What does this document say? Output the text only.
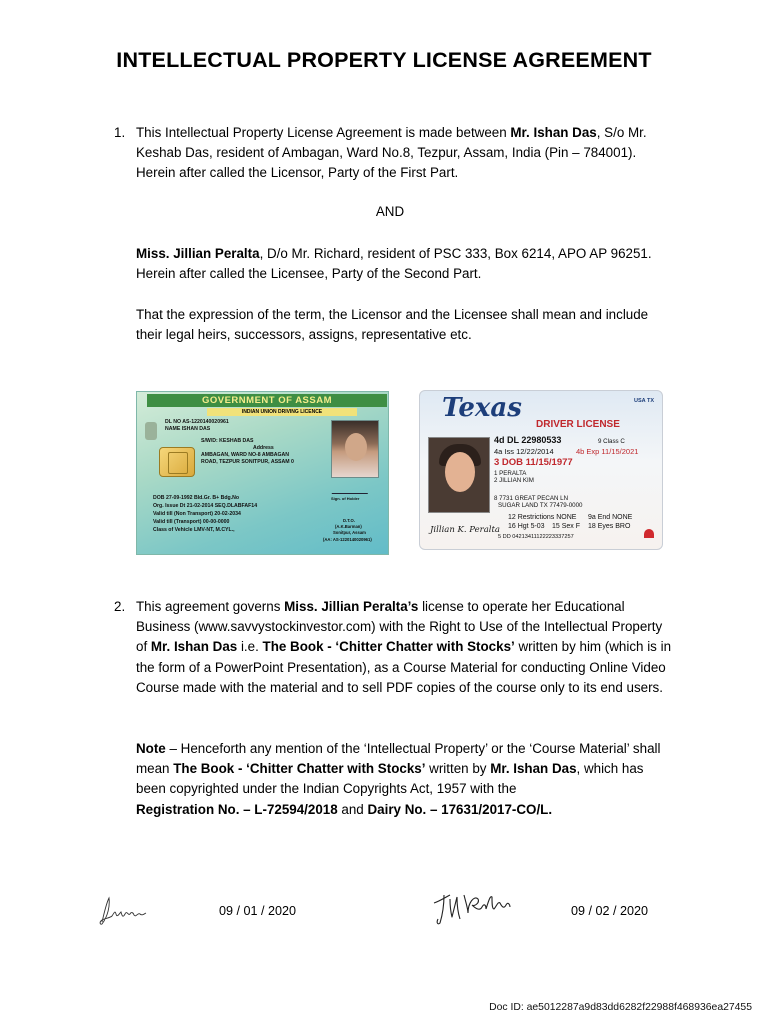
INTELLECTUAL PROPERTY LICENSE AGREEMENT
1. This Intellectual Property License Agreement is made between Mr. Ishan Das, S/o Mr. Keshab Das, resident of Ambagan, Ward No.8, Tezpur, Assam, India (Pin – 784001). Herein after called the Licensor, Party of the First Part.
AND
Miss. Jillian Peralta, D/o Mr. Richard, resident of PSC 333, Box 6214, APO AP 96251. Herein after called the Licensee, Party of the Second Part.
That the expression of the term, the Licensor and the Licensee shall mean and include their legal heirs, successors, assigns, representative etc.
GOVERNMENT OF ASSAM
INDIAN UNION DRIVING LICENCE
DL NO AS-1220140020961
NAME ISHAN DAS
S/W/D: KESHAB DAS
Address
AMBAGAN, WARD NO-8 AMBAGAN
ROAD, TEZPUR SONITPUR, ASSAM 0
Sign. of Holder
DOB 27-09-1992 Bld.Gr. B+ Bdg.No
Org. Issue Dt 21-02-2014 SEQ.DLABFAF14
Valid till (Non Transport) 20-02-2034
Valid till (Transport) 00-00-0000
Class of Vehicle LMV-NT, M.CYL.,
D.T.O.
(A.K.Barman)
Sonitpur, Assam
(AA: AS-1220140020961)
Texas	USA TX
DRIVER LICENSE
4d DL 22980533	9 Class C
4a Iss 12/22/2014	4b Exp 11/15/2021
3 DOB 11/15/1977
1 PERALTA
2 JILLIAN KIM
8 7731 GREAT PECAN LN
SUGAR LAND TX 77479-0000
12 Restrictions NONE 9a End NONE
16 Hgt 5-03 15 Sex F 18 Eyes BRO
5 DD 04213411122223337257
Jillian K. Peralta
2. This agreement governs Miss. Jillian Peralta’s license to operate her Educational Business (www.savvystockinvestor.com) with the Right to Use of the Intellectual Property of Mr. Ishan Das i.e. The Book - ‘Chitter Chatter with Stocks’ written by him (which is in the form of a PowerPoint Presentation), as a Course Material for conducting Online Video Course made with the material and to sell PDF copies of the course only to its end users.
Note – Henceforth any mention of the ‘Intellectual Property’ or the ‘Course Material’ shall mean The Book - ‘Chitter Chatter with Stocks’ written by Mr. Ishan Das, which has been copyrighted under the Indian Copyrights Act, 1957 with the
Registration No. – L-72594/2018 and Dairy No. – 17631/2017-CO/L.
09 / 01 / 2020	09 / 02 / 2020
Doc ID: ae5012287a9d83dd6282f22988f468936ea27455
